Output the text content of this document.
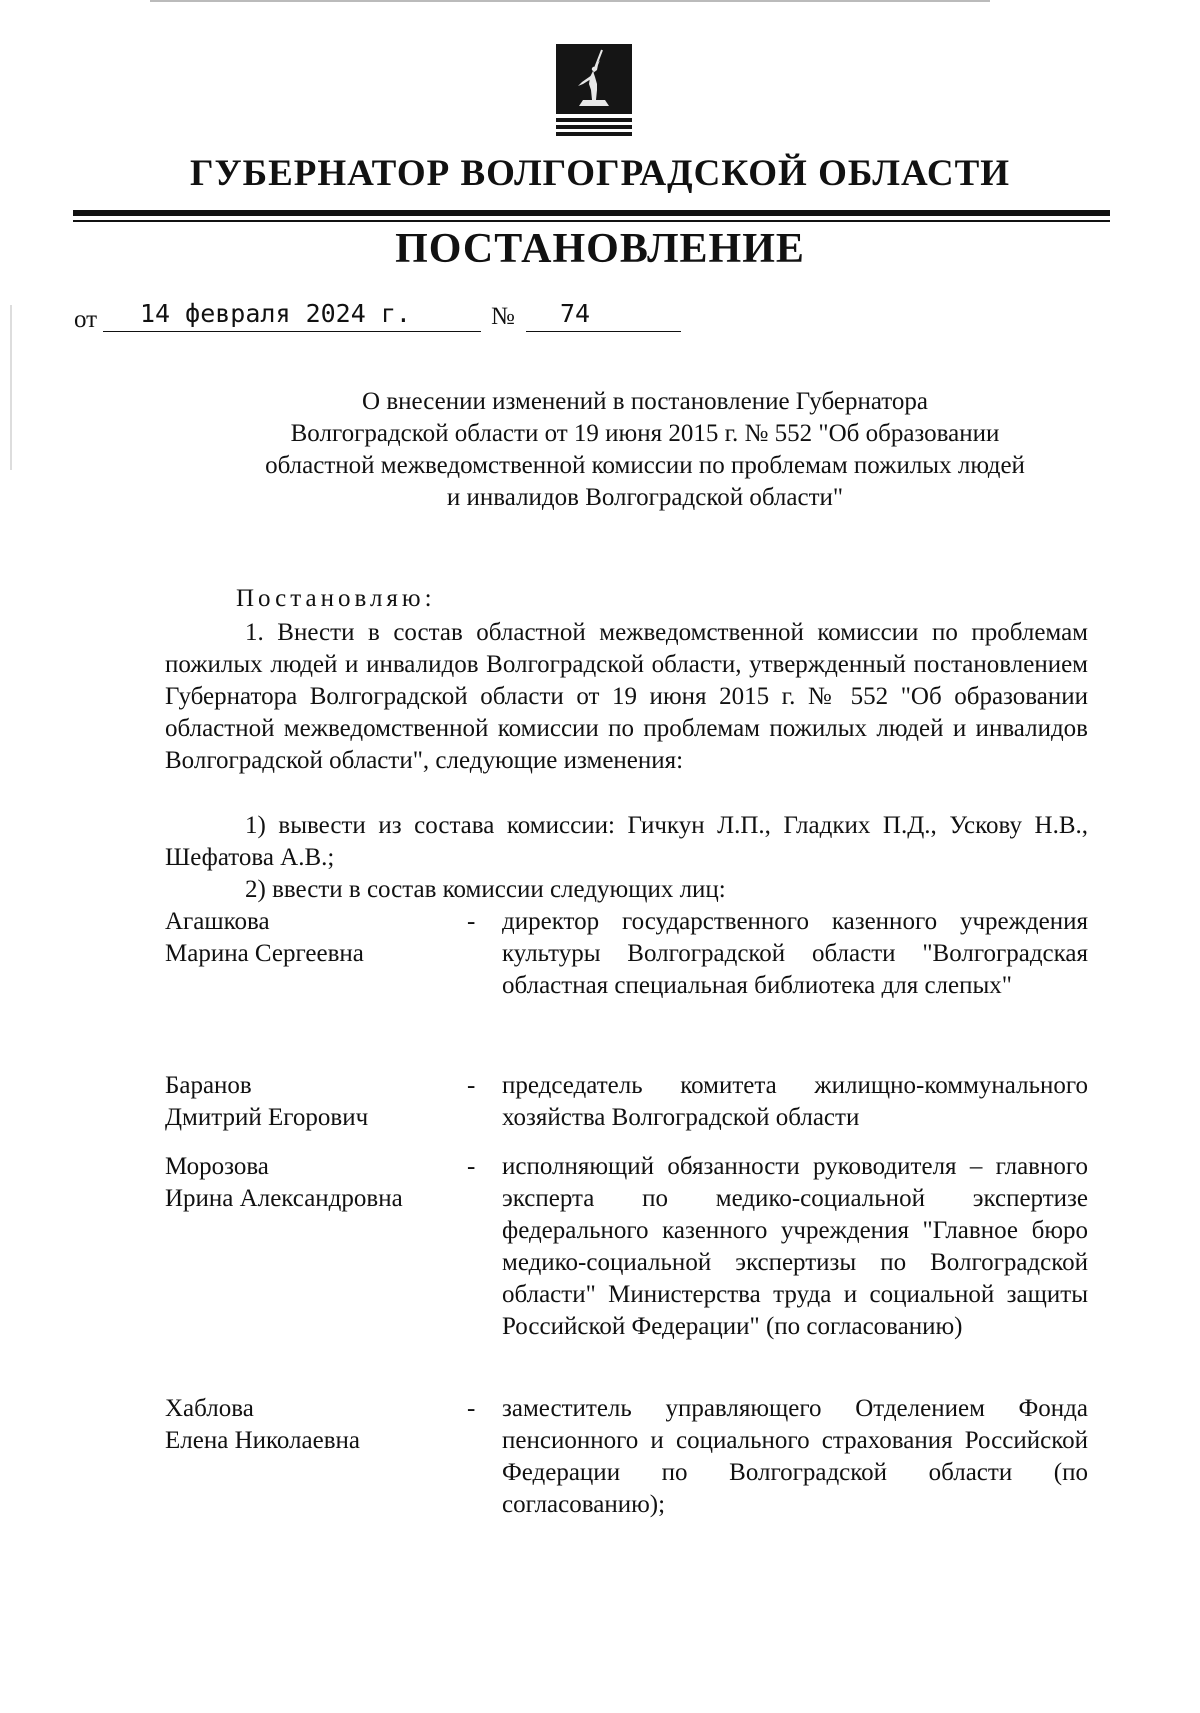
ГУБЕРНАТОР ВОЛГОГРАДСКОЙ ОБЛАСТИ
ПОСТАНОВЛЕНИЕ
от 14 февраля 2024 г.	№ 74
О внесении изменений в постановление Губернатора
Волгоградской области от 19 июня 2015 г. № 552 "Об образовании
областной межведомственной комиссии по проблемам пожилых людей
и инвалидов Волгоградской области"
Постановляю:
1. Внести в состав областной межведомственной комиссии по проблемам пожилых людей и инвалидов Волгоградской области, утвержденный постановлением Губернатора Волгоградской области от 19 июня 2015 г. № 552 "Об образовании областной межведомственной комиссии по проблемам пожилых людей и инвалидов Волгоградской области", следующие изменения:
1) вывести из состава комиссии: Гичкун Л.П., Гладких П.Д., Ускову Н.В., Шефатова А.В.;
2) ввести в состав комиссии следующих лиц:
Агашкова
Марина Сергеевна
- директор государственного казенного учреждения культуры Волгоградской области "Волгоградская областная специальная библиотека для слепых"
Баранов
Дмитрий Егорович
- председатель комитета жилищно-коммунального хозяйства Волгоградской области
Морозова
Ирина Александровна
- исполняющий обязанности руководителя – главного эксперта по медико-социальной экспертизе федерального казенного учреждения "Главное бюро медико-социальной экспертизы по Волгоградской области" Министерства труда и социальной защиты Российской Федерации" (по согласованию)
Хаблова
Елена Николаевна
- заместитель управляющего Отделением Фонда пенсионного и социального страхования Российской Федерации по Волгоградской области (по согласованию);
